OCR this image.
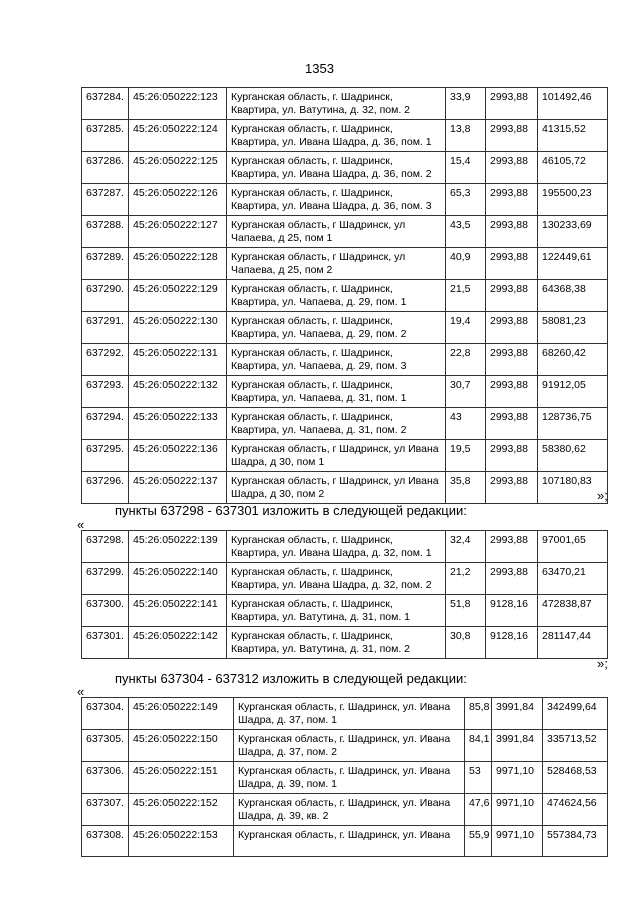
1353
637284.	45:26:050222:123	Курганская область, г. Шадринск, Квартира, ул. Ватутина, д. 32, пом. 2	33,9	2993,88	101492,46
637285.	45:26:050222:124	Курганская область, г. Шадринск, Квартира, ул. Ивана Шадра, д. 36, пом. 1	13,8	2993,88	41315,52
637286.	45:26:050222:125	Курганская область, г. Шадринск, Квартира, ул. Ивана Шадра, д. 36, пом. 2	15,4	2993,88	46105,72
637287.	45:26:050222:126	Курганская область, г. Шадринск, Квартира, ул. Ивана Шадра, д. 36, пом. 3	65,3	2993,88	195500,23
637288.	45:26:050222:127	Курганская область, г Шадринск, ул Чапаева, д 25, пом 1	43,5	2993,88	130233,69
637289.	45:26:050222:128	Курганская область, г Шадринск, ул Чапаева, д 25, пом 2	40,9	2993,88	122449,61
637290.	45:26:050222:129	Курганская область, г. Шадринск, Квартира, ул. Чапаева, д. 29, пом. 1	21,5	2993,88	64368,38
637291.	45:26:050222:130	Курганская область, г. Шадринск, Квартира, ул. Чапаева, д. 29, пом. 2	19,4	2993,88	58081,23
637292.	45:26:050222:131	Курганская область, г. Шадринск, Квартира, ул. Чапаева, д. 29, пом. 3	22,8	2993,88	68260,42
637293.	45:26:050222:132	Курганская область, г. Шадринск, Квартира, ул. Чапаева, д. 31, пом. 1	30,7	2993,88	91912,05
637294.	45:26:050222:133	Курганская область, г. Шадринск, Квартира, ул. Чапаева, д. 31, пом. 2	43	2993,88	128736,75
637295.	45:26:050222:136	Курганская область, г Шадринск, ул Ивана Шадра, д 30, пом 1	19,5	2993,88	58380,62
637296.	45:26:050222:137	Курганская область, г Шадринск, ул Ивана Шадра, д 30, пом 2	35,8	2993,88	107180,83
»;
пункты 637298 - 637301 изложить в следующей редакции:
«
637298.	45:26:050222:139	Курганская область, г. Шадринск, Квартира, ул. Ивана Шадра, д. 32, пом. 1	32,4	2993,88	97001,65
637299.	45:26:050222:140	Курганская область, г. Шадринск, Квартира, ул. Ивана Шадра, д. 32, пом. 2	21,2	2993,88	63470,21
637300.	45:26:050222:141	Курганская область, г. Шадринск, Квартира, ул. Ватутина, д. 31, пом. 1	51,8	9128,16	472838,87
637301.	45:26:050222:142	Курганская область, г. Шадринск, Квартира, ул. Ватутина, д. 31, пом. 2	30,8	9128,16	281147,44
»;
пункты 637304 - 637312 изложить в следующей редакции:
«
637304.	45:26:050222:149	Курганская область, г. Шадринск, ул. Ивана Шадра, д. 37, пом. 1	85,8	3991,84	342499,64
637305.	45:26:050222:150	Курганская область, г. Шадринск, ул. Ивана Шадра, д. 37, пом. 2	84,1	3991,84	335713,52
637306.	45:26:050222:151	Курганская область, г. Шадринск, ул. Ивана Шадра, д. 39, пом. 1	53	9971,10	528468,53
637307.	45:26:050222:152	Курганская область, г. Шадринск, ул. Ивана Шадра, д. 39, кв. 2	47,6	9971,10	474624,56
637308.	45:26:050222:153	Курганская область, г. Шадринск, ул. Ивана	55,9	9971,10	557384,73
